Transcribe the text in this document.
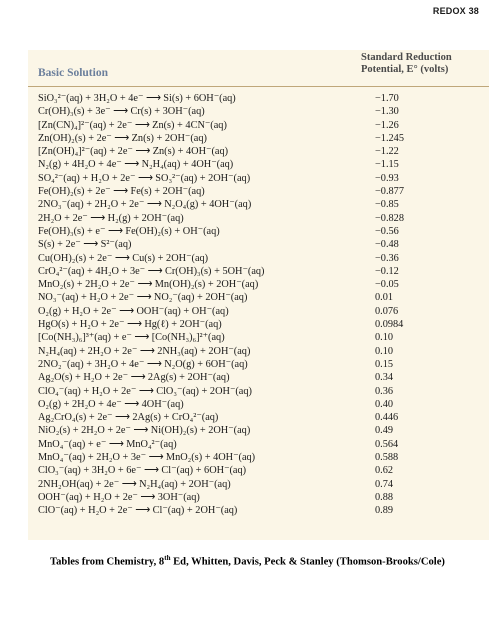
REDOX 38
Basic Solution
Standard Reduction
Potential, E° (volts)
SiO₃²⁻(aq) + 3H₂O + 4e⁻ ⟶ Si(s) + 6OH⁻(aq)	−1.70
Cr(OH)₃(s) + 3e⁻ ⟶ Cr(s) + 3OH⁻(aq)	−1.30
[Zn(CN)₄]²⁻(aq) + 2e⁻ ⟶ Zn(s) + 4CN⁻(aq)	−1.26
Zn(OH)₂(s) + 2e⁻ ⟶ Zn(s) + 2OH⁻(aq)	−1.245
[Zn(OH)₄]²⁻(aq) + 2e⁻ ⟶ Zn(s) + 4OH⁻(aq)	−1.22
N₂(g) + 4H₂O + 4e⁻ ⟶ N₂H₄(aq) + 4OH⁻(aq)	−1.15
SO₄²⁻(aq) + H₂O + 2e⁻ ⟶ SO₃²⁻(aq) + 2OH⁻(aq)	−0.93
Fe(OH)₂(s) + 2e⁻ ⟶ Fe(s) + 2OH⁻(aq)	−0.877
2NO₃⁻(aq) + 2H₂O + 2e⁻ ⟶ N₂O₄(g) + 4OH⁻(aq)	−0.85
2H₂O + 2e⁻ ⟶ H₂(g) + 2OH⁻(aq)	−0.828
Fe(OH)₃(s) + e⁻ ⟶ Fe(OH)₂(s) + OH⁻(aq)	−0.56
S(s) + 2e⁻ ⟶ S²⁻(aq)	−0.48
Cu(OH)₂(s) + 2e⁻ ⟶ Cu(s) + 2OH⁻(aq)	−0.36
CrO₄²⁻(aq) + 4H₂O + 3e⁻ ⟶ Cr(OH)₃(s) + 5OH⁻(aq)	−0.12
MnO₂(s) + 2H₂O + 2e⁻ ⟶ Mn(OH)₂(s) + 2OH⁻(aq)	−0.05
NO₃⁻(aq) + H₂O + 2e⁻ ⟶ NO₂⁻(aq) + 2OH⁻(aq)	0.01
O₂(g) + H₂O + 2e⁻ ⟶ OOH⁻(aq) + OH⁻(aq)	0.076
HgO(s) + H₂O + 2e⁻ ⟶ Hg(ℓ) + 2OH⁻(aq)	0.0984
[Co(NH₃)₆]³⁺(aq) + e⁻ ⟶ [Co(NH₃)₆]²⁺(aq)	0.10
N₂H₄(aq) + 2H₂O + 2e⁻ ⟶ 2NH₃(aq) + 2OH⁻(aq)	0.10
2NO₂⁻(aq) + 3H₂O + 4e⁻ ⟶ N₂O(g) + 6OH⁻(aq)	0.15
Ag₂O(s) + H₂O + 2e⁻ ⟶ 2Ag(s) + 2OH⁻(aq)	0.34
ClO₄⁻(aq) + H₂O + 2e⁻ ⟶ ClO₃⁻(aq) + 2OH⁻(aq)	0.36
O₂(g) + 2H₂O + 4e⁻ ⟶ 4OH⁻(aq)	0.40
Ag₂CrO₄(s) + 2e⁻ ⟶ 2Ag(s) + CrO₄²⁻(aq)	0.446
NiO₂(s) + 2H₂O + 2e⁻ ⟶ Ni(OH)₂(s) + 2OH⁻(aq)	0.49
MnO₄⁻(aq) + e⁻ ⟶ MnO₄²⁻(aq)	0.564
MnO₄⁻(aq) + 2H₂O + 3e⁻ ⟶ MnO₂(s) + 4OH⁻(aq)	0.588
ClO₃⁻(aq) + 3H₂O + 6e⁻ ⟶ Cl⁻(aq) + 6OH⁻(aq)	0.62
2NH₂OH(aq) + 2e⁻ ⟶ N₂H₄(aq) + 2OH⁻(aq)	0.74
OOH⁻(aq) + H₂O + 2e⁻ ⟶ 3OH⁻(aq)	0.88
ClO⁻(aq) + H₂O + 2e⁻ ⟶ Cl⁻(aq) + 2OH⁻(aq)	0.89
Tables from Chemistry, 8th Ed, Whitten, Davis, Peck & Stanley (Thomson-Brooks/Cole)
